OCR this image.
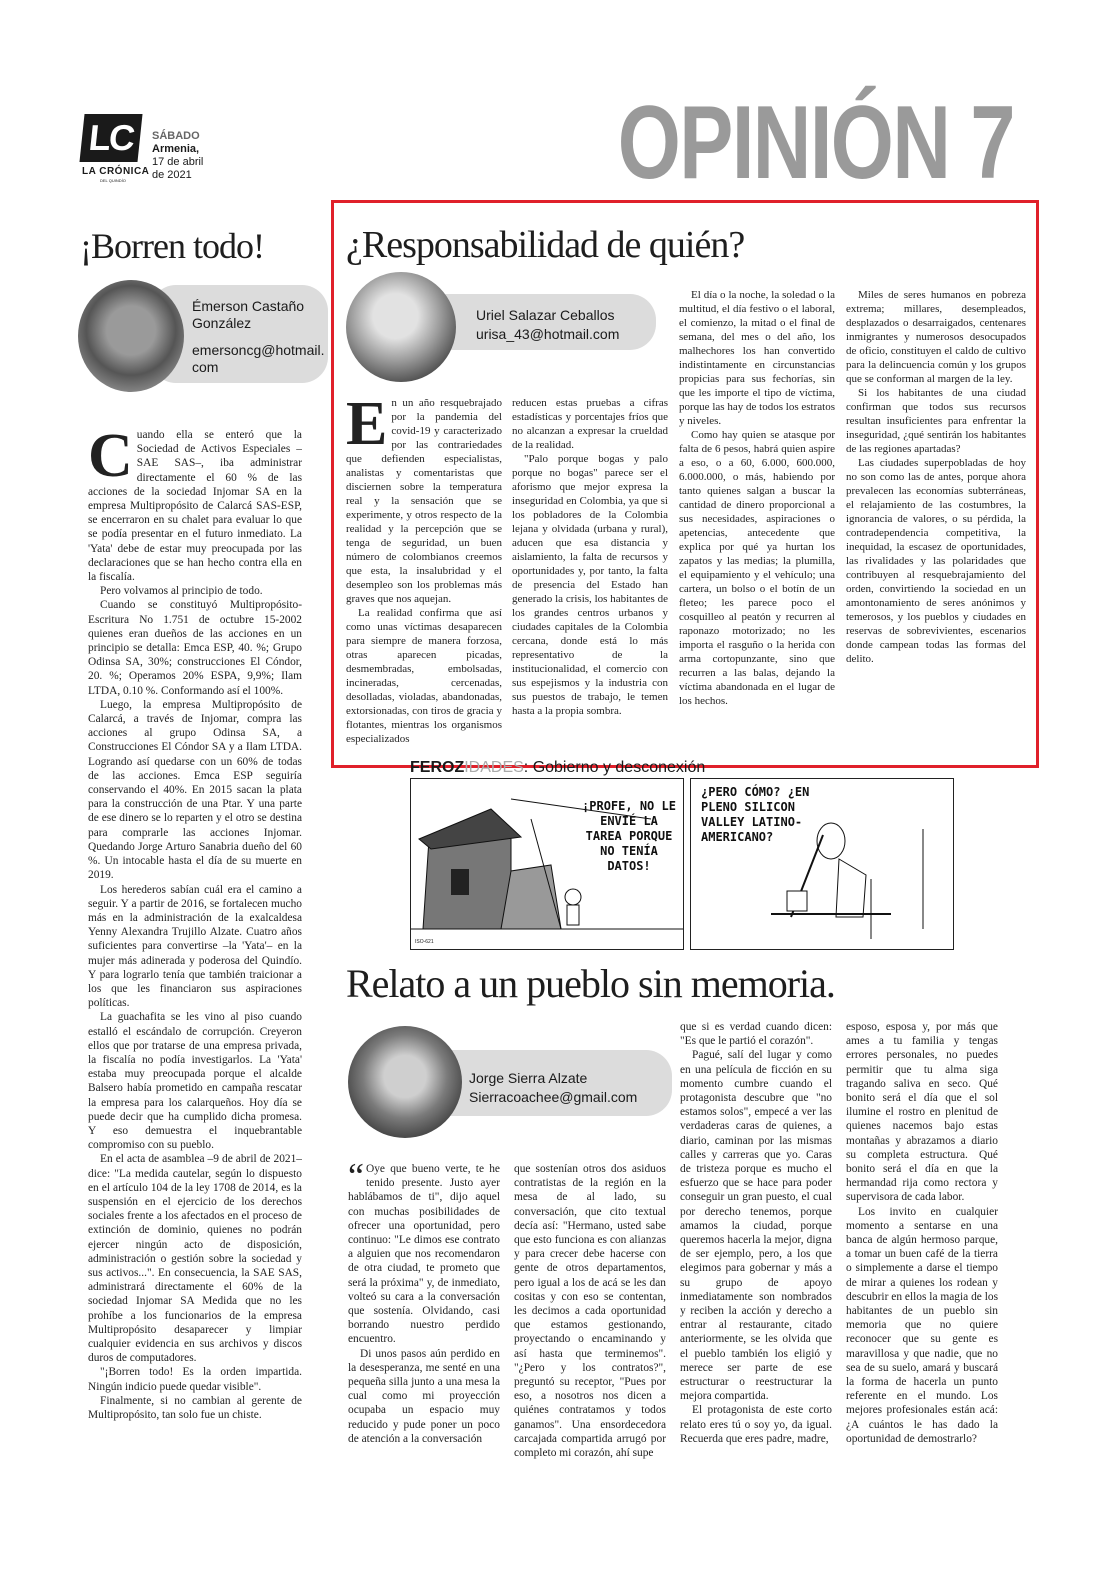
LC
LA CRÓNICA
DEL QUINDÍO
SÁBADO
Armenia,
17 de abril
de 2021	OPINIÓN 7
¡Borren todo!
Émerson Castaño González
emersoncg@hotmail.
com

Cuando ella se enteró que la Sociedad de Activos Especiales –SAE SAS–, iba administrar directamente el 60 % de las acciones de la sociedad Injomar SA en la empresa Multipropósito de Calarcá SAS-ESP, se encerraron en su chalet para evaluar lo que se podía presentar en el futuro inmediato. La 'Yata' debe de estar muy preocupada por las declaraciones que se han hecho contra ella en la fiscalía.

Pero volvamos al principio de todo.

Cuando se constituyó Multipropósito- Escritura No 1.751 de octubre 15-2002 quienes eran dueños de las acciones en un principio se detalla: Emca ESP, 40. %; Grupo Odinsa SA, 30%; construcciones El Cóndor, 20. %; Operamos 20% ESPA, 9,9%; Ilam LTDA, 0.10 %. Conformando así el 100%.

Luego, la empresa Multipropósito de Calarcá, a través de Injomar, compra las acciones al grupo Odinsa SA, a Construcciones El Cóndor SA y a Ilam LTDA. Logrando así quedarse con un 60% de todas de las acciones. Emca ESP seguiría conservando el 40%. En 2015 sacan la plata para la construcción de una Ptar. Y una parte de ese dinero se lo reparten y el otro se destina para comprarle las acciones Injomar. Quedando Jorge Arturo Sanabria dueño del 60 %. Un intocable hasta el día de su muerte en 2019.

Los herederos sabían cuál era el camino a seguir. Y a partir de 2016, se fortalecen mucho más en la administración de la exalcaldesa Yenny Alexandra Trujillo Alzate. Cuatro años suficientes para convertirse –la 'Yata'– en la mujer más adinerada y poderosa del Quindío. Y para lograrlo tenía que también traicionar a los que les financiaron sus aspiraciones políticas.

La guachafita se les vino al piso cuando estalló el escándalo de corrupción. Creyeron ellos que por tratarse de una empresa privada, la fiscalía no podía investigarlos. La 'Yata' estaba muy preocupada porque el alcalde Balsero había prometido en campaña rescatar la empresa para los calarqueños. Hoy día se puede decir que ha cumplido dicha promesa. Y eso demuestra el inquebrantable compromiso con su pueblo.

En el acta de asamblea –9 de abril de 2021– dice: "La medida cautelar, según lo dispuesto en el artículo 104 de la ley 1708 de 2014, es la suspensión en el ejercicio de los derechos sociales frente a los afectados en el proceso de extinción de dominio, quienes no podrán ejercer ningún acto de disposición, administración o gestión sobre la sociedad y sus activos...". En consecuencia, la SAE SAS, administrará directamente el 60% de la sociedad Injomar SA Medida que no les prohíbe a los funcionarios de la empresa Multipropósito desaparecer y limpiar cualquier evidencia en sus archivos y discos duros de computadores.

"¡Borren todo! Es la orden impartida. Ningún indicio puede quedar visible".

Finalmente, si no cambian al gerente de Multipropósito, tan solo fue un chiste.

¿Responsabilidad de quién?
Uriel Salazar Ceballos
urisa_43@hotmail.com

En un año resquebrajado por la pandemia del covid-19 y caracterizado por las contrariedades que defienden especialistas, analistas y comentaristas que disciernen sobre la temperatura real y la sensación que se experimente, y otros respecto de la realidad y la percepción que se tenga de seguridad, un buen número de colombianos creemos que esta, la insalubridad y el desempleo son los problemas más graves que nos aquejan.

La realidad confirma que así como unas víctimas desaparecen para siempre de manera forzosa, otras aparecen picadas, desmembradas, embolsadas, incineradas, cercenadas, desolladas, violadas, abandonadas, extorsionadas, con tiros de gracia y flotantes, mientras los organismos especializados

reducen estas pruebas a cifras estadísticas y porcentajes fríos que no alcanzan a expresar la crueldad de la realidad.

"Palo porque bogas y palo porque no bogas" parece ser el aforismo que mejor expresa la inseguridad en Colombia, ya que si los pobladores de la Colombia lejana y olvidada (urbana y rural), aducen que esa distancia y aislamiento, la falta de recursos y oportunidades y, por tanto, la falta de presencia del Estado han generado la crisis, los habitantes de los grandes centros urbanos y ciudades capitales de la Colombia cercana, donde está lo más representativo de la institucionalidad, el comercio con sus espejismos y la industria con sus puestos de trabajo, le temen hasta a la propia sombra.

El día o la noche, la soledad o la multitud, el día festivo o el laboral, el comienzo, la mitad o el final de semana, del mes o del año, los malhechores los han convertido indistintamente en circunstancias propicias para sus fechorías, sin que les importe el tipo de víctima, porque las hay de todos los estratos y niveles.

Como hay quien se atasque por falta de 6 pesos, habrá quien aspire a eso, o a 60, 6.000, 600.000, 6.000.000, o más, habiendo por tanto quienes salgan a buscar la cantidad de dinero proporcional a sus necesidades, aspiraciones o apetencias, antecedente que explica por qué ya hurtan los zapatos y las medias; la plumilla, el equipamiento y el vehículo; una cartera, un bolso o el botín de un fleteo; les parece poco el cosquilleo al peatón y recurren al raponazo motorizado; no les importa el rasguño o la herida con arma cortopunzante, sino que recurren a las balas, dejando la víctima abandonada en el lugar de los hechos.

Miles de seres humanos en pobreza extrema; millares, desempleados, desplazados o desarraigados, centenares inmigrantes y numerosos desocupados de oficio, constituyen el caldo de cultivo para la delincuencia común y los grupos que se conforman al margen de la ley.

Si los habitantes de una ciudad confirman que todos sus recursos resultan insuficientes para enfrentar la inseguridad, ¿qué sentirán los habitantes de las regiones apartadas?

Las ciudades superpobladas de hoy no son como las de antes, porque ahora prevalecen las economías subterráneas, el relajamiento de las costumbres, la ignorancia de valores, o su pérdida, la contradependencia competitiva, la inequidad, la escasez de oportunidades, las rivalidades y las polaridades que contribuyen al resquebrajamiento del orden, convirtiendo la sociedad en un amontonamiento de seres anónimos y temerosos, y los pueblos y ciudades en reservas de sobrevivientes, escenarios donde campean todas las formas del delito.

FEROZIDADES: Gobierno y desconexión
¡PROFE, NO LE ENVIÉ LA TAREA PORQUE NO TENÍA DATOS!
ISO-621
¿PERO CÓMO? ¿EN PLENO SILICON VALLEY LATINO-AMERICANO?
Relato a un pueblo sin memoria.
Jorge Sierra Alzate
Sierracoachee@gmail.com

“ Oye que bueno verte, te he tenido presente. Justo ayer hablábamos de ti", dijo aquel con muchas posibilidades de ofrecer una oportunidad, pero continuo: "Le dimos ese contrato a alguien que nos recomendaron de otra ciudad, te prometo que será la próxima" y, de inmediato, volteó su cara a la conversación que sostenía. Olvidando, casi borrando nuestro perdido encuentro.

Di unos pasos aún perdido en la desesperanza, me senté en una pequeña silla junto a una mesa la cual como mi proyección ocupaba un espacio muy reducido y pude poner un poco de atención a la conversación

que sostenían otros dos asiduos contratistas de la región en la mesa de al lado, su conversación, que cito textual decía así: "Hermano, usted sabe que esto funciona es con alianzas y para crecer debe hacerse con gente de otros departamentos, pero igual a los de acá se les dan cositas y con eso se contentan, les decimos a cada oportunidad que estamos gestionando, proyectando o encaminando y así hasta que terminemos". "¿Pero y los contratos?", preguntó su receptor, "Pues por eso, a nosotros nos dicen a quiénes contratamos y todos ganamos". Una ensordecedora carcajada compartida arrugó por completo mi corazón, ahí supe

que si es verdad cuando dicen: "Es que le partió el corazón".

Pagué, salí del lugar y como en una película de ficción en su momento cumbre cuando el protagonista descubre que "no estamos solos", empecé a ver las verdaderas caras de quienes, a diario, caminan por las mismas calles y carreras que yo. Caras de tristeza porque es mucho el esfuerzo que se hace para poder conseguir un gran puesto, el cual por derecho tenemos, porque amamos la ciudad, porque queremos hacerla la mejor, digna de ser ejemplo, pero, a los que elegimos para gobernar y más a su grupo de apoyo inmediatamente son nombrados y reciben la acción y derecho a entrar al restaurante, citado anteriormente, se les olvida que el pueblo también los eligió y merece ser parte de ese estructurar o reestructurar la mejora compartida.

El protagonista de este corto relato eres tú o soy yo, da igual. Recuerda que eres padre, madre,

esposo, esposa y, por más que ames a tu familia y tengas errores personales, no puedes permitir que tu alma siga tragando saliva en seco. Qué bonito será el día que el sol ilumine el rostro en plenitud de quienes nacemos bajo estas montañas y abrazamos a diario su completa estructura. Qué bonito será el día en que la hermandad rija como rectora y supervisora de cada labor.

Los invito en cualquier momento a sentarse en una banca de algún hermoso parque, a tomar un buen café de la tierra o simplemente a darse el tiempo de mirar a quienes los rodean y descubrir en ellos la magia de los habitantes de un pueblo sin memoria que no quiere reconocer que su gente es maravillosa y que nadie, que no sea de su suelo, amará y buscará la forma de hacerla un punto referente en el mundo. Los mejores profesionales están acá: ¿A cuántos le has dado la oportunidad de demostrarlo?
